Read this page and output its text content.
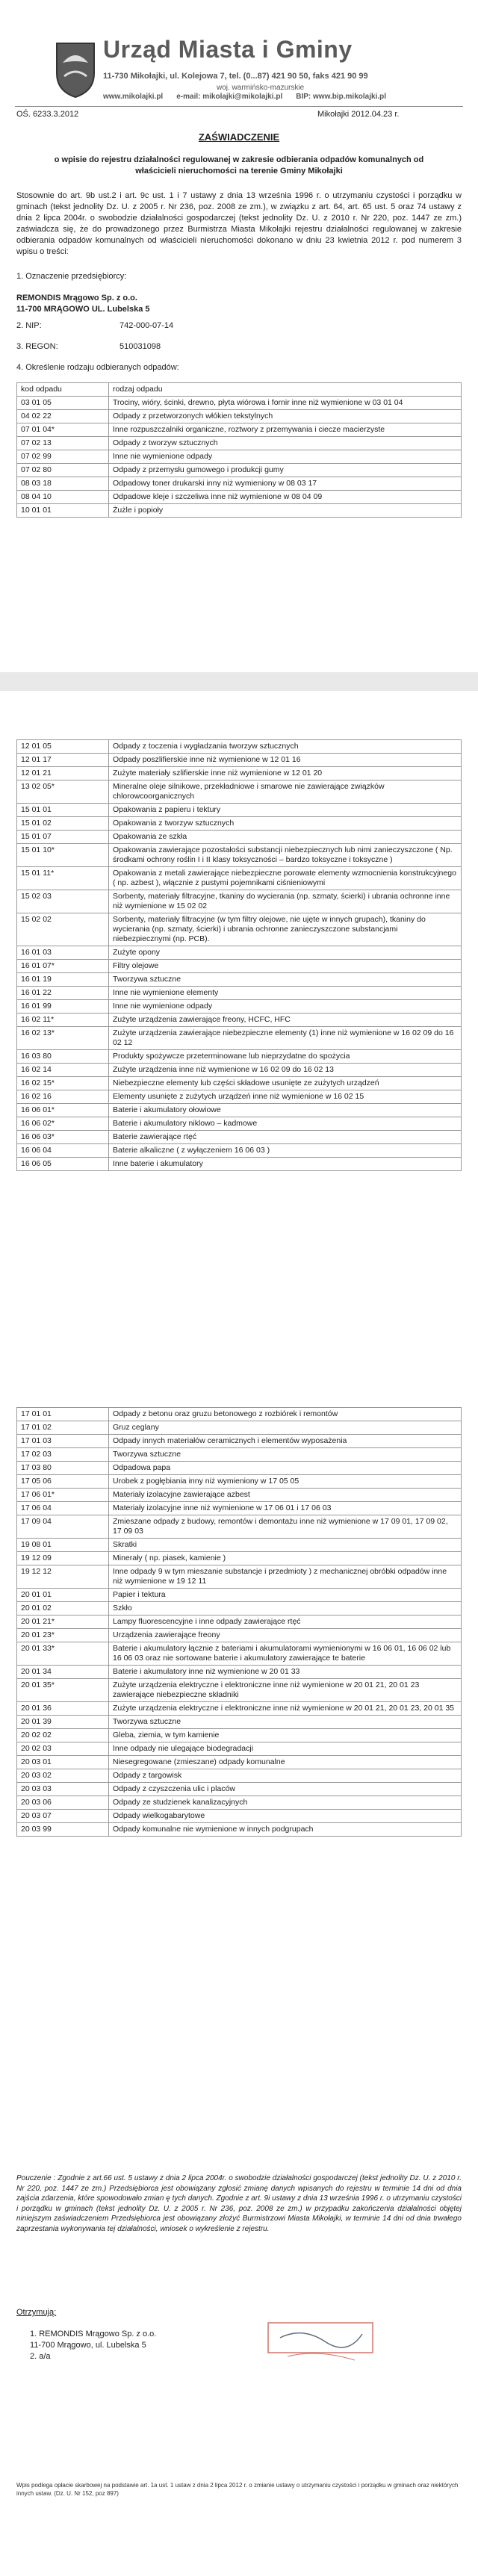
Urząd Miasta i Gminy
11-730 Mikołajki, ul. Kolejowa 7, tel. (0...87) 421 90 50, faks 421 90 99
woj. warmińsko-mazurskie
www.mikolajki.pl e-mail: mikolajki@mikolajki.pl BIP: www.bip.mikolajki.pl
OŚ. 6233.3.2012	Mikołajki 2012.04.23 r.
ZAŚWIADCZENIE
o wpisie do rejestru działalności regulowanej w zakresie odbierania odpadów komunalnych od właścicieli nieruchomości na terenie Gminy Mikołajki
Stosownie do art. 9b ust.2 i art. 9c ust. 1 i 7 ustawy z dnia 13 września 1996 r. o utrzymaniu czystości i porządku w gminach (tekst jednolity Dz. U. z 2005 r. Nr 236, poz. 2008 ze zm.), w związku z art. 64, art. 65 ust. 5 oraz 74 ustawy z dnia 2 lipca 2004r. o swobodzie działalności gospodarczej (tekst jednolity Dz. U. z 2010 r. Nr 220, poz. 1447 ze zm.) zaświadcza się, że do prowadzonego przez Burmistrza Miasta Mikołajki rejestru działalności regulowanej w zakresie odbierania odpadów komunalnych od właścicieli nieruchomości dokonano w dniu 23 kwietnia 2012 r. pod numerem 3 wpisu o treści:
1. Oznaczenie przedsiębiorcy:
REMONDIS Mrągowo Sp. z o.o.
11-700 MRĄGOWO UL. Lubelska 5
2. NIP:	742-000-07-14
3. REGON:	510031098
4. Określenie rodzaju odbieranych odpadów:
kod odpadu	rodzaj odpadu
03 01 05	Trociny, wióry, ścinki, drewno, płyta wiórowa i fornir inne niż wymienione w 03 01 04
04 02 22	Odpady z przetworzonych włókien tekstylnych
07 01 04*	Inne rozpuszczalniki organiczne, roztwory z przemywania i ciecze macierzyste
07 02 13	Odpady z tworzyw sztucznych
07 02 99	Inne nie wymienione odpady
07 02 80	Odpady z przemysłu gumowego i produkcji gumy
08 03 18	Odpadowy toner drukarski inny niż wymieniony w 08 03 17
08 04 10	Odpadowe kleje i szczeliwa inne niż wymienione w 08 04 09
10 01 01	Żużle i popioły
12 01 05	Odpady z toczenia i wygładzania tworzyw sztucznych
12 01 17	Odpady poszlifierskie inne niż wymienione w 12 01 16
12 01 21	Zużyte materiały szlifierskie inne niż wymienione w 12 01 20
13 02 05*	Mineralne oleje silnikowe, przekładniowe i smarowe nie zawierające związków chlorowcoorganicznych
15 01 01	Opakowania z papieru i tektury
15 01 02	Opakowania z tworzyw sztucznych
15 01 07	Opakowania ze szkła
15 01 10*	Opakowania zawierające pozostałości substancji niebezpiecznych lub nimi zanieczyszczone ( Np. środkami ochrony roślin I i II klasy toksyczności – bardzo toksyczne i toksyczne )
15 01 11*	Opakowania z metali zawierające niebezpieczne porowate elementy wzmocnienia konstrukcyjnego ( np. azbest ), włącznie z pustymi pojemnikami ciśnieniowymi
15 02 03	Sorbenty, materiały filtracyjne, tkaniny do wycierania (np. szmaty, ścierki) i ubrania ochronne inne niż wymienione w 15 02 02
15 02 02	Sorbenty, materiały filtracyjne (w tym filtry olejowe, nie ujęte w innych grupach), tkaniny do wycierania (np. szmaty, ścierki) i ubrania ochronne zanieczyszczone substancjami niebezpiecznymi (np. PCB).
16 01 03	Zużyte opony
16 01 07*	Filtry olejowe
16 01 19	Tworzywa sztuczne
16 01 22	Inne nie wymienione elementy
16 01 99	Inne nie wymienione odpady
16 02 11*	Zużyte urządzenia zawierające freony, HCFC, HFC
16 02 13*	Zużyte urządzenia zawierające niebezpieczne elementy (1) inne niż wymienione w 16 02 09 do 16 02 12
16 03 80	Produkty spożywcze przeterminowane lub nieprzydatne do spożycia
16 02 14	Zużyte urządzenia inne niż wymienione w 16 02 09 do 16 02 13
16 02 15*	Niebezpieczne elementy lub części składowe usunięte ze zużytych urządzeń
16 02 16	Elementy usunięte z zużytych urządzeń inne niż wymienione w 16 02 15
16 06 01*	Baterie i akumulatory ołowiowe
16 06 02*	Baterie i akumulatory niklowo – kadmowe
16 06 03*	Baterie zawierające rtęć
16 06 04	Baterie alkaliczne ( z wyłączeniem 16 06 03 )
16 06 05	Inne baterie i akumulatory
17 01 01	Odpady z betonu oraz gruzu betonowego z rozbiórek i remontów
17 01 02	Gruz ceglany
17 01 03	Odpady innych materiałów ceramicznych i elementów wyposażenia
17 02 03	Tworzywa sztuczne
17 03 80	Odpadowa papa
17 05 06	Urobek z pogłębiania inny niż wymieniony w 17 05 05
17 06 01*	Materiały izolacyjne zawierające azbest
17 06 04	Materiały izolacyjne inne niż wymienione w 17 06 01 i 17 06 03
17 09 04	Zmieszane odpady z budowy, remontów i demontażu inne niż wymienione w 17 09 01, 17 09 02, 17 09 03
19 08 01	Skratki
19 12 09	Minerały ( np. piasek, kamienie )
19 12 12	Inne odpady 9 w tym mieszanie substancje i przedmioty ) z mechanicznej obróbki odpadów inne niż wymienione w 19 12 11
20 01 01	Papier i tektura
20 01 02	Szkło
20 01 21*	Lampy fluorescencyjne i inne odpady zawierające rtęć
20 01 23*	Urządzenia zawierające freony
20 01 33*	Baterie i akumulatory łącznie z bateriami i akumulatorami wymienionymi w 16 06 01, 16 06 02 lub 16 06 03 oraz nie sortowane baterie i akumulatory zawierające te baterie
20 01 34	Baterie i akumulatory inne niż wymienione w 20 01 33
20 01 35*	Zużyte urządzenia elektryczne i elektroniczne inne niż wymienione w 20 01 21, 20 01 23 zawierające niebezpieczne składniki
20 01 36	Zużyte urządzenia elektryczne i elektroniczne inne niż wymienione w 20 01 21, 20 01 23, 20 01 35
20 01 39	Tworzywa sztuczne
20 02 02	Gleba, ziemia, w tym kamienie
20 02 03	Inne odpady nie ulegające biodegradacji
20 03 01	Niesegregowane (zmieszane) odpady komunalne
20 03 02	Odpady z targowisk
20 03 03	Odpady z czyszczenia ulic i placów
20 03 06	Odpady ze studzienek kanalizacyjnych
20 03 07	Odpady wielkogabarytowe
20 03 99	Odpady komunalne nie wymienione w innych podgrupach
Pouczenie : Zgodnie z art.66 ust. 5 ustawy z dnia 2 lipca 2004r. o swobodzie działalności gospodarczej (tekst jednolity Dz. U. z 2010 r. Nr 220, poz. 1447 ze zm.) Przedsiębiorca jest obowiązany zgłosić zmianę danych wpisanych do rejestru w terminie 14 dni od dnia zajścia zdarzenia, które spowodowało zmian ę tych danych. Zgodnie z art. 9i ustawy z dnia 13 września 1996 r. o utrzymaniu czystości i porządku w gminach (tekst jednolity Dz. U. z 2005 r. Nr 236, poz. 2008 ze zm.) w przypadku zakończenia działalności objętej niniejszym zaświadczeniem Przedsiębiorca jest obowiązany złożyć Burmistrzowi Miasta Mikołajki, w terminie 14 dni od dnia trwałego zaprzestania wykonywania tej działalności, wniosek o wykreślenie z rejestru.
Otrzymują:
1. REMONDIS Mrągowo Sp. z o.o.
11-700 Mrągowo, ul. Lubelska 5
2. a/a
Wpis podlega opłacie skarbowej na podstawie art. 1a ust. 1 ustaw z dnia 2 lipca 2012 r. o zmianie ustawy o utrzymaniu czystości i porządku w gminach oraz niektórych innych ustaw. (Dz. U. Nr 152, poz 897)
